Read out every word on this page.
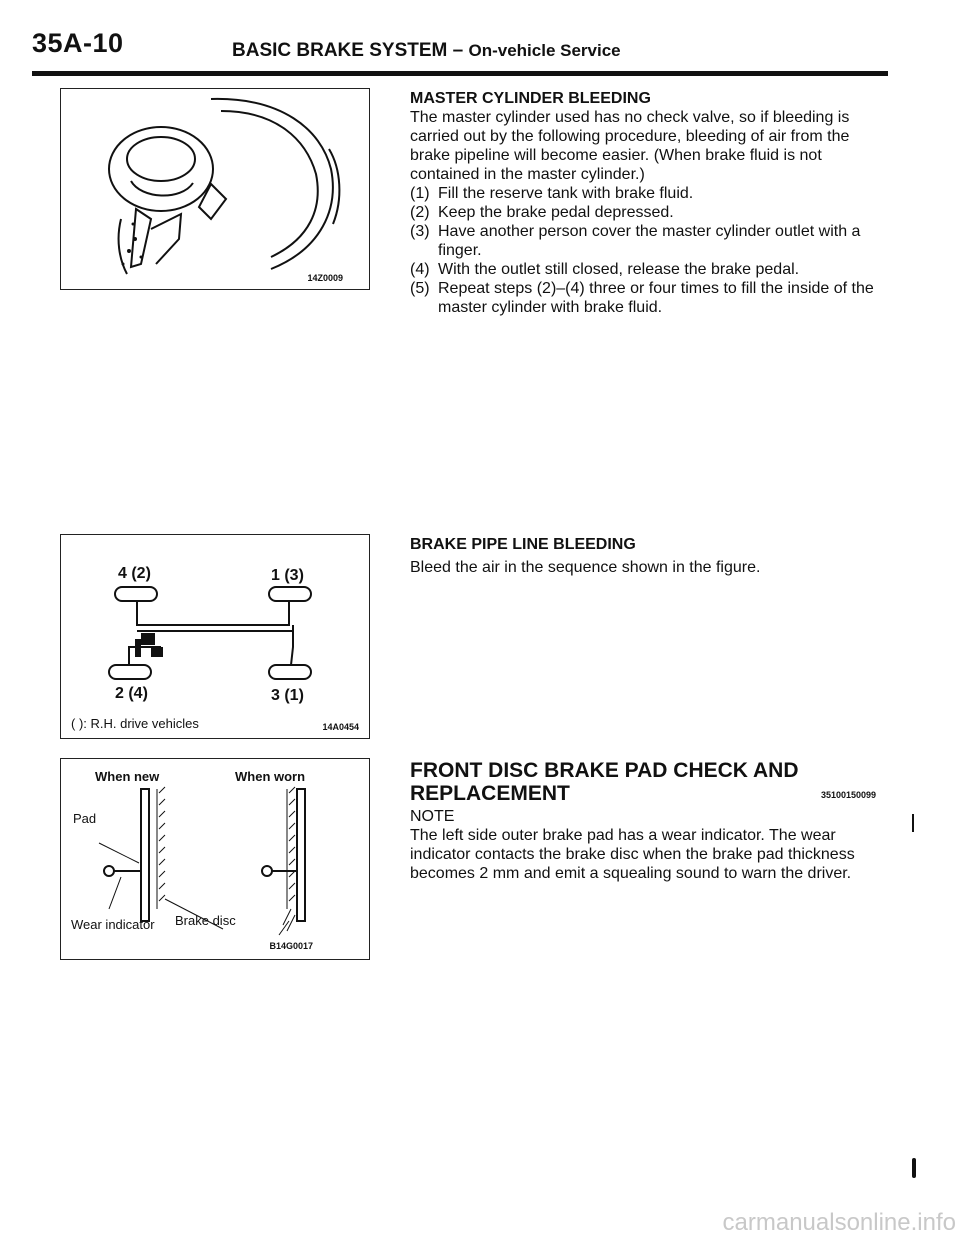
35A-10	BASIC BRAKE SYSTEM – On-vehicle Service
14Z0009
MASTER CYLINDER BLEEDING
The master cylinder used has no check valve, so if bleeding is carried out by the following procedure, bleeding of air from the brake pipeline will become easier. (When brake fluid is not contained in the master cylinder.)
(1) Fill the reserve tank with brake fluid.
(2) Keep the brake pedal depressed.
(3) Have another person cover the master cylinder outlet with a finger.
(4) With the outlet still closed, release the brake pedal.
(5) Repeat steps (2)–(4) three or four times to fill the inside of the master cylinder with brake fluid.
4 (2)	1 (3)
2 (4)	3 (1)
( ): R.H. drive vehicles	14A0454
BRAKE PIPE LINE BLEEDING
Bleed the air in the sequence shown in the figure.
When new	When worn
Pad
Wear indicator Brake disc
B14G0017
FRONT DISC BRAKE PAD CHECK AND
REPLACEMENT	35100150099
NOTE
The left side outer brake pad has a wear indicator. The wear indicator contacts the brake disc when the brake pad thickness becomes 2 mm and emit a squealing sound to warn the driver.
carmanualsonline.info
